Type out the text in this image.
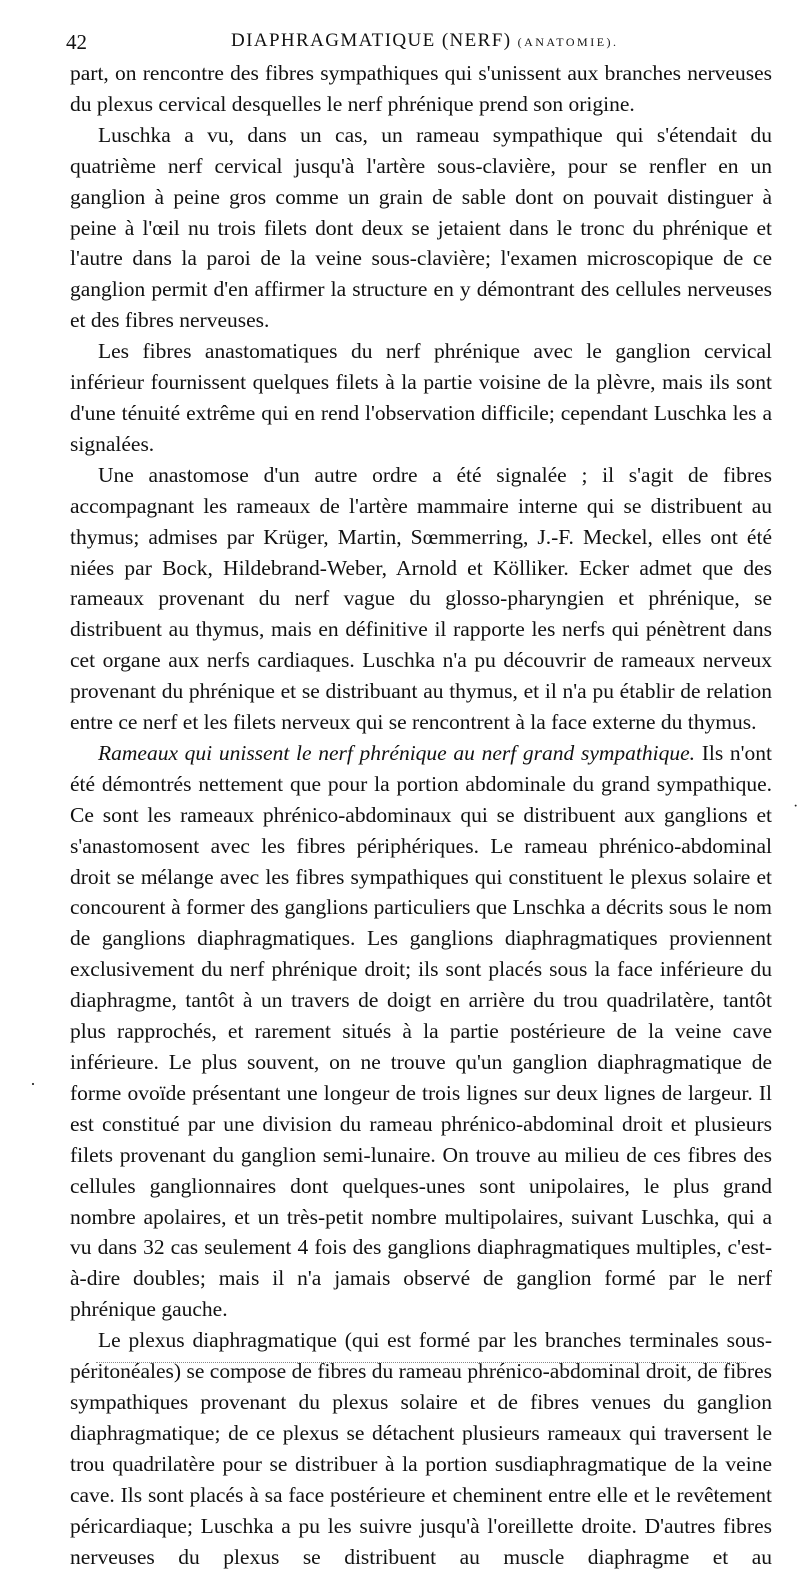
42	DIAPHRAGMATIQUE (NERF) (ANATOMIE).

part, on rencontre des fibres sympathiques qui s'unissent aux branches nerveuses du plexus cervical desquelles le nerf phrénique prend son origine.

Luschka a vu, dans un cas, un rameau sympathique qui s'étendait du quatrième nerf cervical jusqu'à l'artère sous-clavière, pour se renfler en un ganglion à peine gros comme un grain de sable dont on pouvait distinguer à peine à l'œil nu trois filets dont deux se jetaient dans le tronc du phrénique et l'autre dans la paroi de la veine sous-clavière; l'examen microscopique de ce ganglion permit d'en affirmer la structure en y démontrant des cellules nerveuses et des fibres nerveuses.

Les fibres anastomatiques du nerf phrénique avec le ganglion cervical inférieur fournissent quelques filets à la partie voisine de la plèvre, mais ils sont d'une ténuité extrême qui en rend l'observation difficile; cependant Luschka les a signalées.

Une anastomose d'un autre ordre a été signalée ; il s'agit de fibres accompagnant les rameaux de l'artère mammaire interne qui se distribuent au thymus; admises par Krüger, Martin, Sœmmerring, J.-F. Meckel, elles ont été niées par Bock, Hildebrand-Weber, Arnold et Kölliker. Ecker admet que des rameaux provenant du nerf vague du glosso-pharyngien et phrénique, se distribuent au thymus, mais en définitive il rapporte les nerfs qui pénètrent dans cet organe aux nerfs cardiaques. Luschka n'a pu découvrir de rameaux nerveux provenant du phrénique et se distribuant au thymus, et il n'a pu établir de relation entre ce nerf et les filets nerveux qui se rencontrent à la face externe du thymus.

Rameaux qui unissent le nerf phrénique au nerf grand sympathique. Ils n'ont été démontrés nettement que pour la portion abdominale du grand sympathique. Ce sont les rameaux phrénico-abdominaux qui se distribuent aux ganglions et s'anastomosent avec les fibres périphériques. Le rameau phrénico-abdominal droit se mélange avec les fibres sympathiques qui constituent le plexus solaire et concourent à former des ganglions particuliers que Lnschka a décrits sous le nom de ganglions diaphragmatiques. Les ganglions diaphragmatiques proviennent exclusivement du nerf phrénique droit; ils sont placés sous la face inférieure du diaphragme, tantôt à un travers de doigt en arrière du trou quadrilatère, tantôt plus rapprochés, et rarement situés à la partie postérieure de la veine cave inférieure. Le plus souvent, on ne trouve qu'un ganglion diaphragmatique de forme ovoïde présentant une longeur de trois lignes sur deux lignes de largeur. Il est constitué par une division du rameau phrénico-abdominal droit et plusieurs filets provenant du ganglion semi-lunaire. On trouve au milieu de ces fibres des cellules ganglionnaires dont quelques-unes sont unipolaires, le plus grand nombre apolaires, et un très-petit nombre multipolaires, suivant Luschka, qui a vu dans 32 cas seulement 4 fois des ganglions diaphragmatiques multiples, c'est-à-dire doubles; mais il n'a jamais observé de ganglion formé par le nerf phrénique gauche.

Le plexus diaphragmatique (qui est formé par les branches terminales sous-péritonéales) se compose de fibres du rameau phrénico-abdominal droit, de fibres sympathiques provenant du plexus solaire et de fibres venues du ganglion diaphragmatique; de ce plexus se détachent plusieurs rameaux qui traversent le trou quadrilatère pour se distribuer à la portion susdiaphragmatique de la veine cave. Ils sont placés à sa face postérieure et cheminent entre elle et le revêtement péricardiaque; Luschka a pu les suivre jusqu'à l'oreillette droite. D'autres fibres nerveuses du plexus se distribuent au muscle diaphragme et au

·
·
